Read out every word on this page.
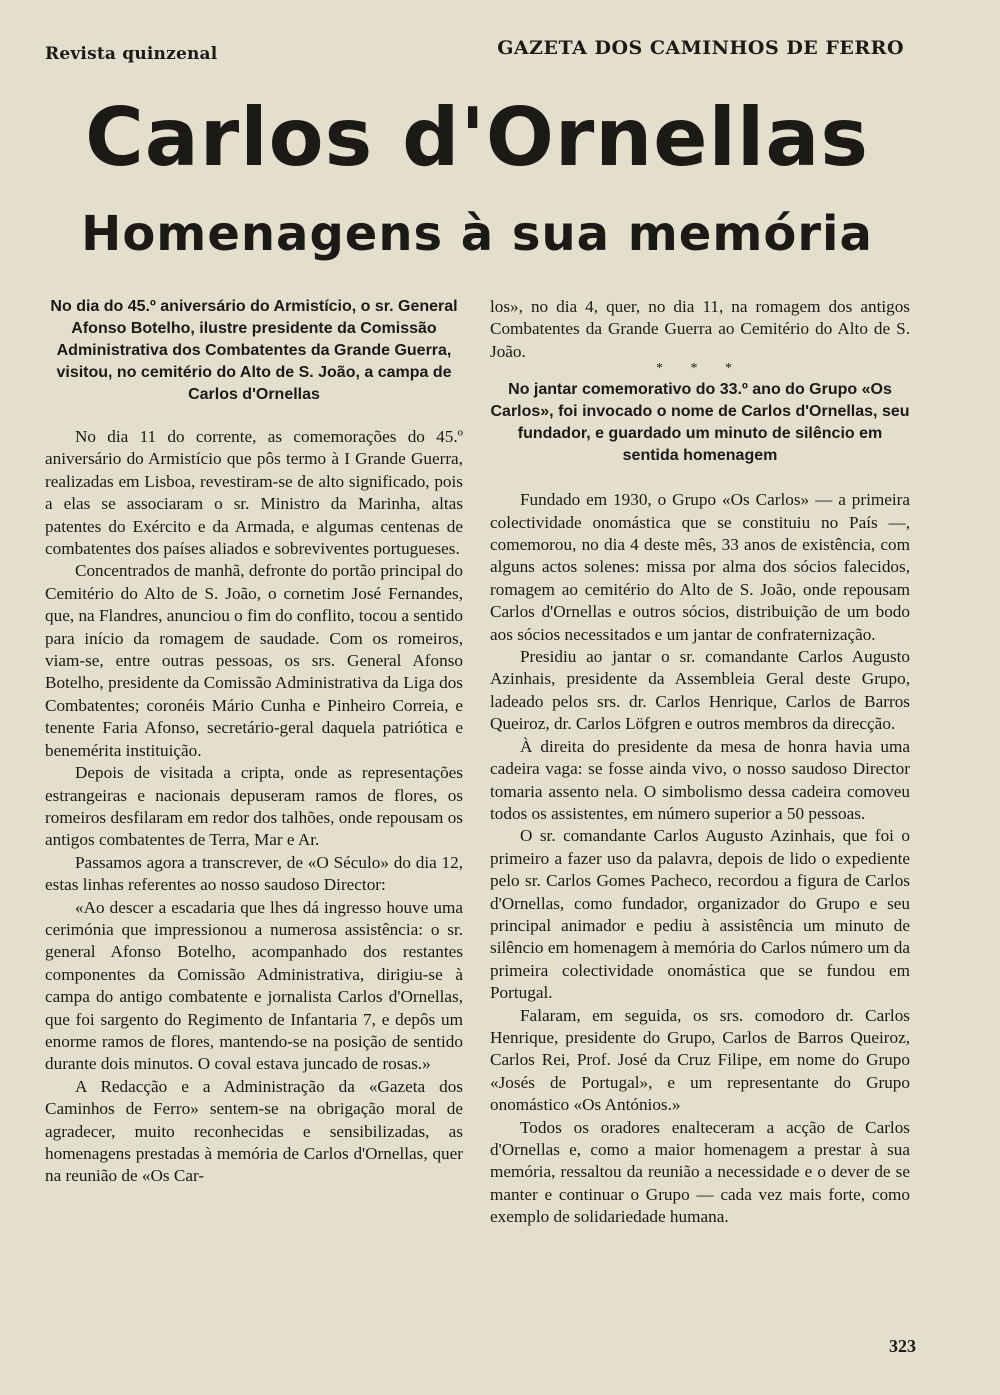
Revista quinzenal	GAZETA DOS CAMINHOS DE FERRO
Carlos d'Ornellas
Homenagens à sua memória
No dia do 45.º aniversário do Armistício, o sr. General Afonso Botelho, ilustre presidente da Comissão Administrativa dos Combatentes da Grande Guerra, visitou, no cemitério do Alto de S. João, a campa de Carlos d'Ornellas

No dia 11 do corrente, as comemorações do 45.º aniversário do Armistício que pôs termo à I Grande Guerra, realizadas em Lisboa, revestiram-se de alto significado, pois a elas se associaram o sr. Ministro da Marinha, altas patentes do Exército e da Armada, e algumas centenas de combatentes dos países aliados e sobreviventes portugueses.

Concentrados de manhã, defronte do portão principal do Cemitério do Alto de S. João, o cornetim José Fernandes, que, na Flandres, anunciou o fim do conflito, tocou a sentido para início da romagem de saudade. Com os romeiros, viam-se, entre outras pessoas, os srs. General Afonso Botelho, presidente da Comissão Administrativa da Liga dos Combatentes; coronéis Mário Cunha e Pinheiro Correia, e tenente Faria Afonso, secretário-geral daquela patriótica e benemérita instituição.

Depois de visitada a cripta, onde as representações estrangeiras e nacionais depuseram ramos de flores, os romeiros desfilaram em redor dos talhões, onde repousam os antigos combatentes de Terra, Mar e Ar.

Passamos agora a transcrever, de «O Século» do dia 12, estas linhas referentes ao nosso saudoso Director:

«Ao descer a escadaria que lhes dá ingresso houve uma cerimónia que impressionou a numerosa assistência: o sr. general Afonso Botelho, acompanhado dos restantes componentes da Comissão Administrativa, dirigiu-se à campa do antigo combatente e jornalista Carlos d'Ornellas, que foi sargento do Regimento de Infantaria 7, e depôs um enorme ramos de flores, mantendo-se na posição de sentido durante dois minutos. O coval estava juncado de rosas.»

A Redacção e a Administração da «Gazeta dos Caminhos de Ferro» sentem-se na obrigação moral de agradecer, muito reconhecidas e sensibilizadas, as homenagens prestadas à memória de Carlos d'Ornellas, quer na reunião de «Os Car-

los», no dia 4, quer, no dia 11, na romagem dos antigos Combatentes da Grande Guerra ao Cemitério do Alto de S. João.

* * *
No jantar comemorativo do 33.º ano do Grupo «Os Carlos», foi invocado o nome de Carlos d'Ornellas, seu fundador, e guardado um minuto de silêncio em sentida homenagem

Fundado em 1930, o Grupo «Os Carlos» — a primeira colectividade onomástica que se constituiu no País —, comemorou, no dia 4 deste mês, 33 anos de existência, com alguns actos solenes: missa por alma dos sócios falecidos, romagem ao cemitério do Alto de S. João, onde repousam Carlos d'Ornellas e outros sócios, distribuição de um bodo aos sócios necessitados e um jantar de confraternização.

Presidiu ao jantar o sr. comandante Carlos Augusto Azinhais, presidente da Assembleia Geral deste Grupo, ladeado pelos srs. dr. Carlos Henrique, Carlos de Barros Queiroz, dr. Carlos Löfgren e outros membros da direcção.

À direita do presidente da mesa de honra havia uma cadeira vaga: se fosse ainda vivo, o nosso saudoso Director tomaria assento nela. O simbolismo dessa cadeira comoveu todos os assistentes, em número superior a 50 pessoas.

O sr. comandante Carlos Augusto Azinhais, que foi o primeiro a fazer uso da palavra, depois de lido o expediente pelo sr. Carlos Gomes Pacheco, recordou a figura de Carlos d'Ornellas, como fundador, organizador do Grupo e seu principal animador e pediu à assistência um minuto de silêncio em homenagem à memória do Carlos número um da primeira colectividade onomástica que se fundou em Portugal.

Falaram, em seguida, os srs. comodoro dr. Carlos Henrique, presidente do Grupo, Carlos de Barros Queiroz, Carlos Rei, Prof. José da Cruz Filipe, em nome do Grupo «Josés de Portugal», e um representante do Grupo onomástico «Os Antónios.»

Todos os oradores enalteceram a acção de Carlos d'Ornellas e, como a maior homenagem a prestar à sua memória, ressaltou da reunião a necessidade e o dever de se manter e continuar o Grupo — cada vez mais forte, como exemplo de solidariedade humana.

323
